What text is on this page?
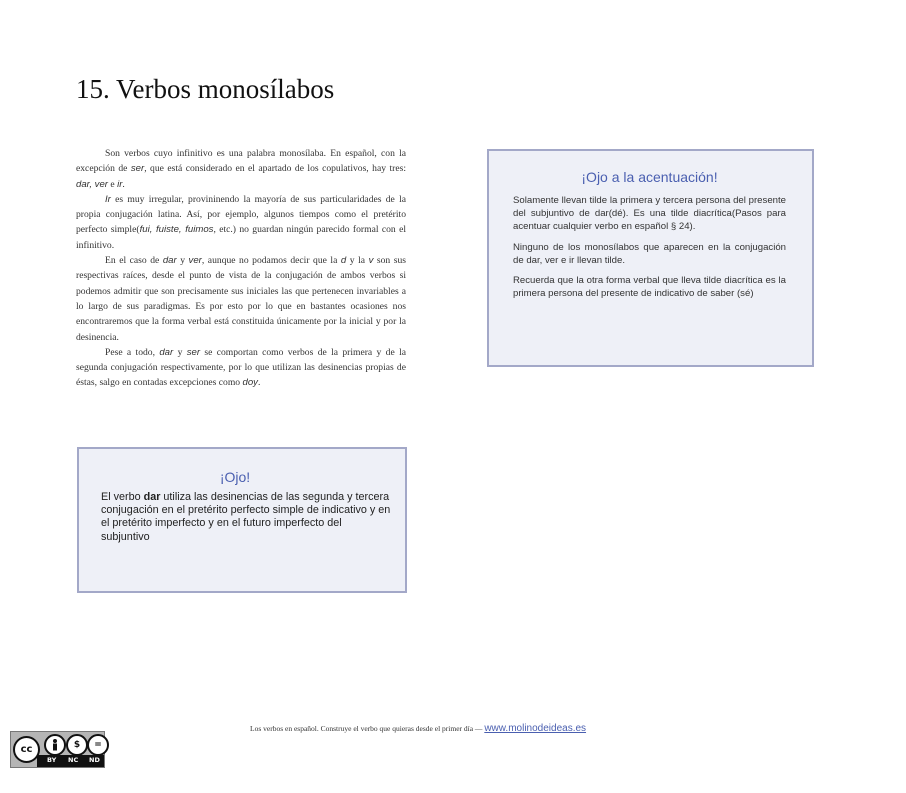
15. Verbos monosílabos

Son verbos cuyo infinitivo es una palabra monosílaba. En español, con la excepción de ser, que está considerado en el apartado de los copulativos, hay tres: dar, ver e ir.

Ir es muy irregular, provininendo la mayoría de sus particularidades de la propia conjugación latina. Así, por ejemplo, algunos tiempos como el pretérito perfecto simple(fui, fuiste, fuimos, etc.) no guardan ningún parecido formal con el infinitivo.

En el caso de dar y ver, aunque no podamos decir que la d y la v son sus respectivas raíces, desde el punto de vista de la conjugación de ambos verbos si podemos admitir que son precisamente sus iniciales las que pertenecen invariables a lo largo de sus paradigmas. Es por esto por lo que en bastantes ocasiones nos encontraremos que la forma verbal está constituida únicamente por la inicial y por la desinencia.

Pese a todo, dar y ser se comportan como verbos de la primera y de la segunda conjugación respectivamente, por lo que utilizan las desinencias propias de éstas, salgo en contadas excepciones como doy.

¡Ojo a la acentuación!

Solamente llevan tilde la primera y tercera persona del presente del subjuntivo de dar(dé). Es una tilde diacrítica(Pasos para acentuar cualquier verbo en español § 24).

Ninguno de los monosílabos que aparecen en la conjugación de dar, ver e ir llevan tilde.

Recuerda que la otra forma verbal que lleva tilde diacrítica es la primera persona del presente de indicativo de saber (sé)

¡Ojo!

El verbo dar utiliza las desinencias de las segunda y tercera conjugación en el pretérito perfecto simple de indicativo y en el pretérito imperfecto y en el futuro imperfecto del subjuntivo

Los verbos en español. Construye el verbo que quieras desde el primer día — www.molinodeideas.es
cc	$	=
BY NC ND
